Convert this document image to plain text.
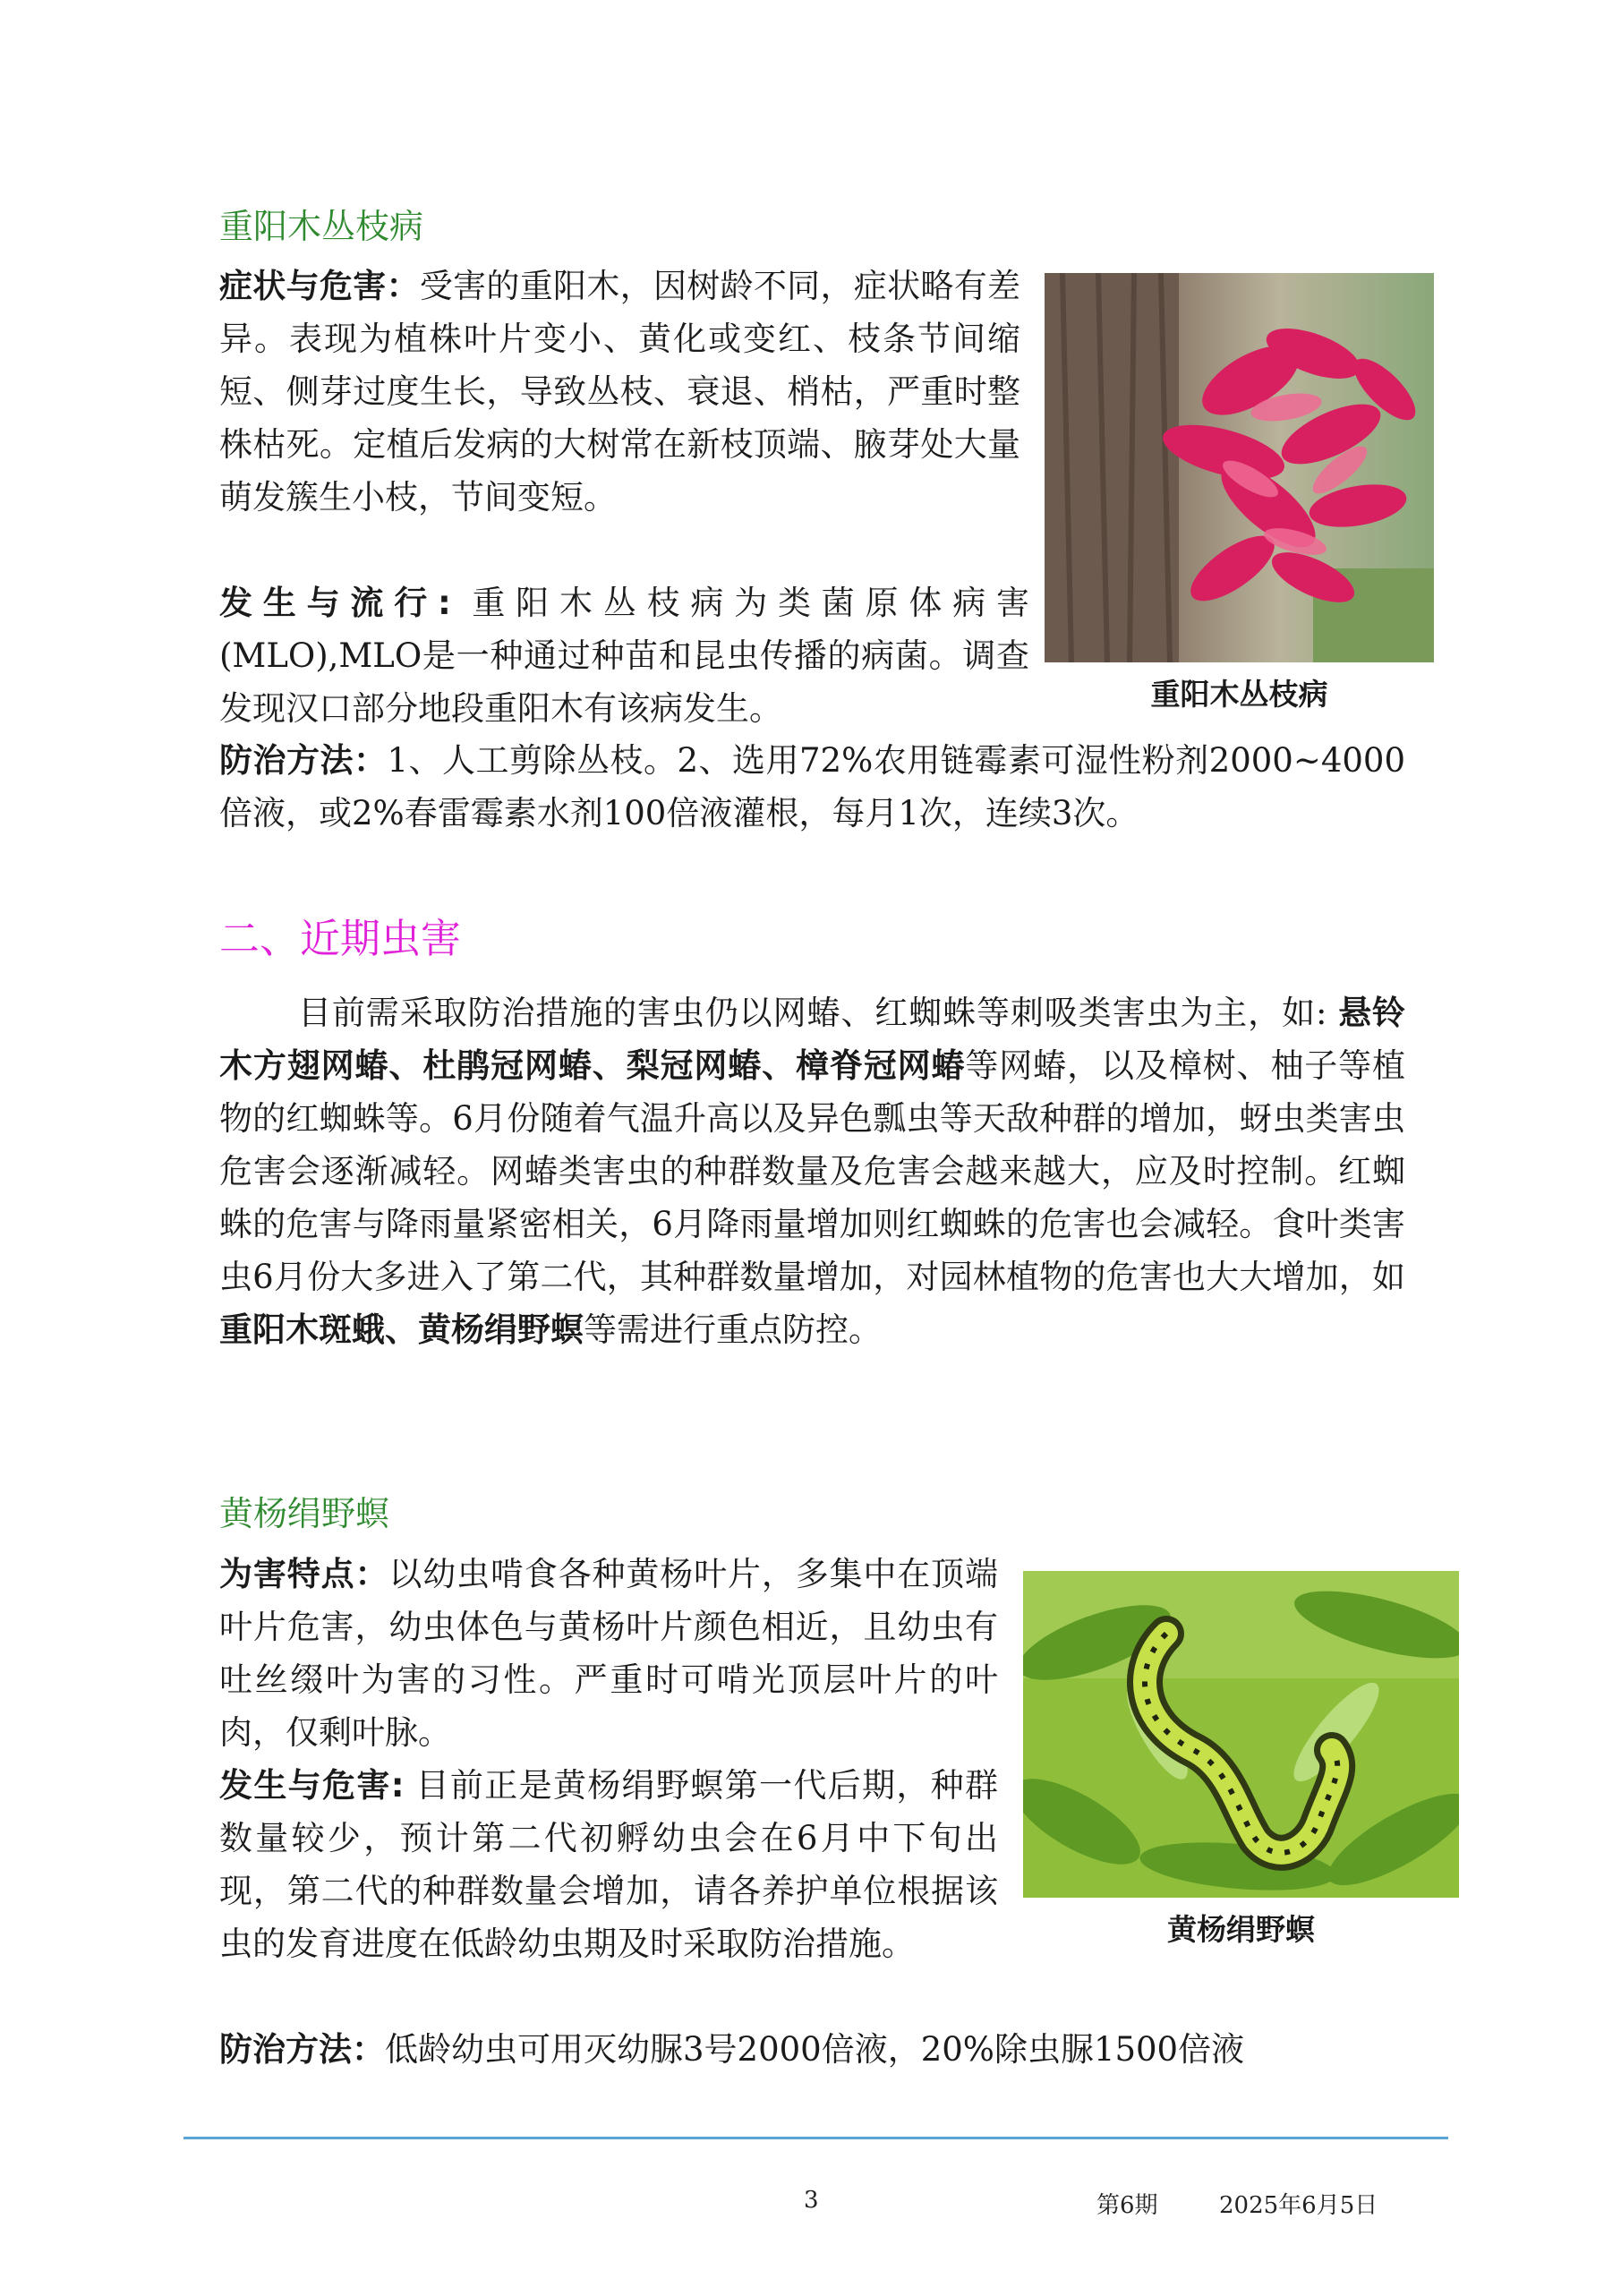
重阳木丛枝病
症状与危害：受害的重阳木，因树龄不同，症状略有差异。表现为植株叶片变小、黄化或变红、枝条节间缩短、侧芽过度生长，导致丛枝、衰退、梢枯，严重时整株枯死。定植后发病的大树常在新枝顶端、腋芽处大量萌发簇生小枝，节间变短。
发生与流行: 重阳木丛枝病为类菌原体病害(MLO),MLO是一种通过种苗和昆虫传播的病菌。调查发现汉口部分地段重阳木有该病发生。
防治方法：1、人工剪除丛枝。2、选用72%农用链霉素可湿性粉剂2000~4000倍液，或2%春雷霉素水剂100倍液灌根，每月1次，连续3次。
重阳木丛枝病
二、近期虫害
目前需采取防治措施的害虫仍以网蝽、红蜘蛛等刺吸类害虫为主，如: 悬铃木方翅网蝽、杜鹃冠网蝽、梨冠网蝽、樟脊冠网蝽等网蝽，以及樟树、柚子等植物的红蜘蛛等。6月份随着气温升高以及异色瓢虫等天敌种群的增加，蚜虫类害虫危害会逐渐减轻。网蝽类害虫的种群数量及危害会越来越大，应及时控制。红蜘蛛的危害与降雨量紧密相关，6月降雨量增加则红蜘蛛的危害也会减轻。食叶类害虫6月份大多进入了第二代，其种群数量增加，对园林植物的危害也大大增加，如重阳木斑蛾、黄杨绢野螟等需进行重点防控。
黄杨绢野螟
为害特点：以幼虫啃食各种黄杨叶片，多集中在顶端叶片危害，幼虫体色与黄杨叶片颜色相近，且幼虫有吐丝缀叶为害的习性。严重时可啃光顶层叶片的叶肉，仅剩叶脉。
发生与危害: 目前正是黄杨绢野螟第一代后期，种群数量较少，预计第二代初孵幼虫会在6月中下旬出现，第二代的种群数量会增加，请各养护单位根据该虫的发育进度在低龄幼虫期及时采取防治措施。
防治方法：低龄幼虫可用灭幼脲3号2000倍液，20%除虫脲1500倍液
黄杨绢野螟
3	第6期	2025年6月5日
